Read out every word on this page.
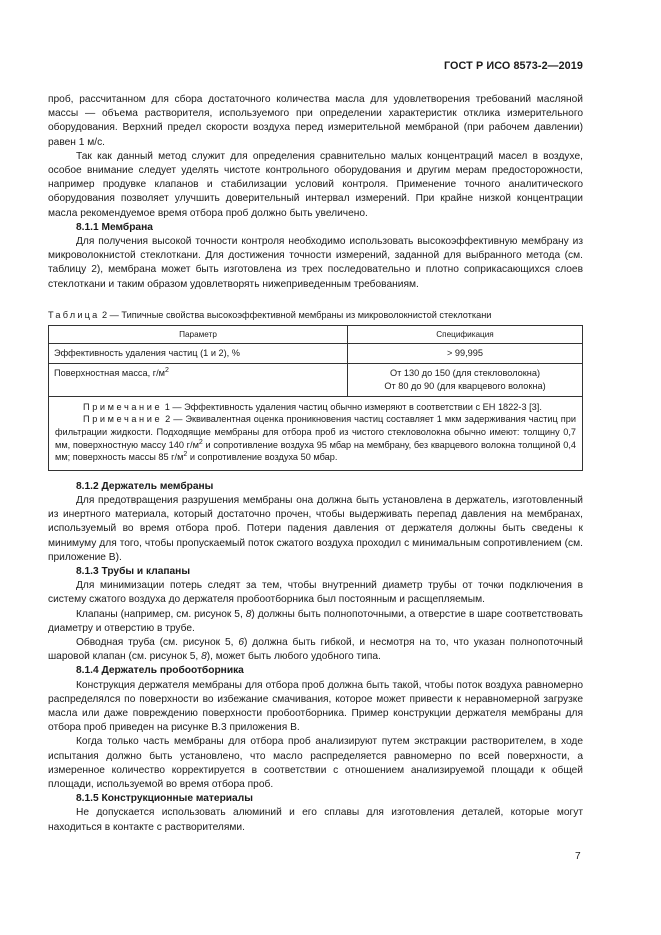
ГОСТ Р ИСО 8573-2—2019

проб, рассчитанном для сбора достаточного количества масла для удовлетворения требований масляной массы — объема растворителя, используемого при определении характеристик отклика измерительного оборудования. Верхний предел скорости воздуха перед измерительной мембраной (при рабочем давлении) равен 1 м/с.

Так как данный метод служит для определения сравнительно малых концентраций масел в воздухе, особое внимание следует уделять чистоте контрольного оборудования и другим мерам предосторожности, например продувке клапанов и стабилизации условий контроля. Применение точного аналитического оборудования позволяет улучшить доверительный интервал измерений. При крайне низкой концентрации масла рекомендуемое время отбора проб должно быть увеличено.

8.1.1 Мембрана

Для получения высокой точности контроля необходимо использовать высокоэффективную мембрану из микроволокнистой стеклоткани. Для достижения точности измерений, заданной для выбранного метода (см. таблицу 2), мембрана может быть изготовлена из трех последовательно и плотно соприкасающихся слоев стеклоткани и таким образом удовлетворять нижеприведенным требованиям.

Таблица 2 — Типичные свойства высокоэффективной мембраны из микроволокнистой стеклоткани
Параметр	Спецификация
Эффективность удаления частиц (1 и 2), %	> 99,995
Поверхностная масса, $г/м^2$	От 130 до 150 (для стекловолокна)
От 80 до 90 (для кварцевого волокна)

Примечание 1 — Эффективность удаления частиц обычно измеряют в соответствии с ЕН 1822-3 [3].

Примечание 2 — Эквивалентная оценка проникновения частиц составляет 1 мкм задерживания частиц при фильтрации жидкости. Подходящие мембраны для отбора проб из чистого стекловолокна обычно имеют: толщину 0,7 мм, поверхностную массу 140 $г/м^2$ и сопротивление воздуха 95 мбар на мембрану, без кварцевого волокна толщиной 0,4 мм; поверхность массы 85 $г/м^2$ и сопротивление воздуха 50 мбар.	

8.1.2 Держатель мембраны

Для предотвращения разрушения мембраны она должна быть установлена в держатель, изготовленный из инертного материала, который достаточно прочен, чтобы выдерживать перепад давления на мембранах, используемый во время отбора проб. Потери падения давления от держателя должны быть сведены к минимуму для того, чтобы пропускаемый поток сжатого воздуха проходил с минимальным сопротивлением (см. приложение В).

8.1.3 Трубы и клапаны

Для минимизации потерь следят за тем, чтобы внутренний диаметр трубы от точки подключения в систему сжатого воздуха до держателя пробоотборника был постоянным и расщепляемым.

Клапаны (например, см. рисунок 5, 8) должны быть полнопоточными, а отверстие в шаре соответствовать диаметру и отверстию в трубе.

Обводная труба (см. рисунок 5, 6) должна быть гибкой, и несмотря на то, что указан полнопоточный шаровой клапан (см. рисунок 5, 8), может быть любого удобного типа.

8.1.4 Держатель пробоотборника

Конструкция держателя мембраны для отбора проб должна быть такой, чтобы поток воздуха равномерно распределялся по поверхности во избежание смачивания, которое может привести к неравномерной загрузке масла или даже повреждению поверхности пробоотборника. Пример конструкции держателя мембраны для отбора проб приведен на рисунке В.3 приложения В.

Когда только часть мембраны для отбора проб анализируют путем экстракции растворителем, в ходе испытания должно быть установлено, что масло распределяется равномерно по всей поверхности, а измеренное количество корректируется в соответствии с отношением анализируемой площади к общей площади, используемой во время отбора проб.

8.1.5 Конструкционные материалы

Не допускается использовать алюминий и его сплавы для изготовления деталей, которые могут находиться в контакте с растворителями.

7
